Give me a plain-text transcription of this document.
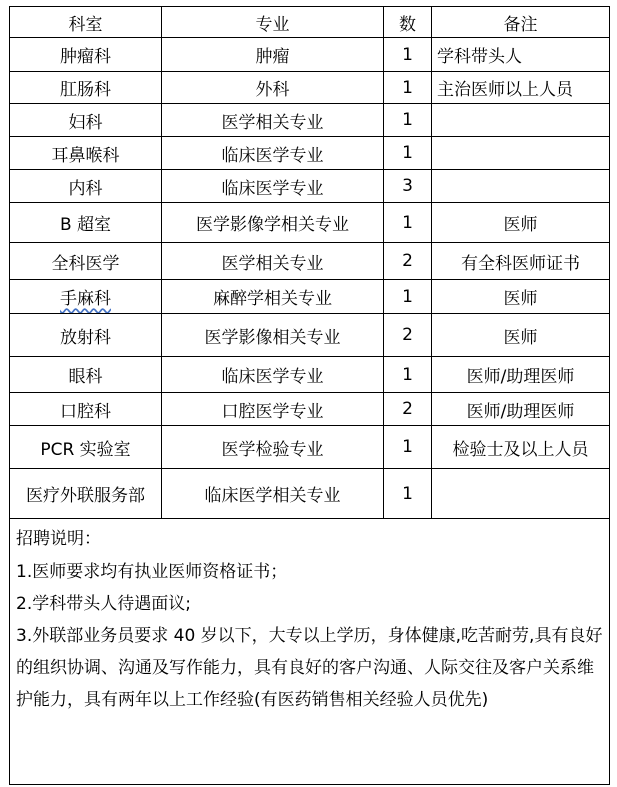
科室	专业	数	备注
肿瘤科	肿瘤	1	学科带头人
肛肠科	外科	1	主治医师以上人员
妇科	医学相关专业	1	
耳鼻喉科	临床医学专业	1	
内科	临床医学专业	3	
B 超室	医学影像学相关专业	1	医师
全科医学	医学相关专业	2	有全科医师证书
手麻科	麻醉学相关专业	1	医师
放射科	医学影像相关专业	2	医师
眼科	临床医学专业	1	医师/助理医师
口腔科	口腔医学专业	2	医师/助理医师
PCR 实验室	医学检验专业	1	检验士及以上人员
医疗外联服务部	临床医学相关专业	1	

招聘说明：

1.医师要求均有执业医师资格证书；

2.学科带头人待遇面议;

3.外联部业务员要求 40 岁以下，大专以上学历，身体健康,吃苦耐劳,具有良好的组织协调、沟通及写作能力，具有良好的客户沟通、人际交往及客户关系维护能力，具有两年以上工作经验(有医药销售相关经验人员优先)			
